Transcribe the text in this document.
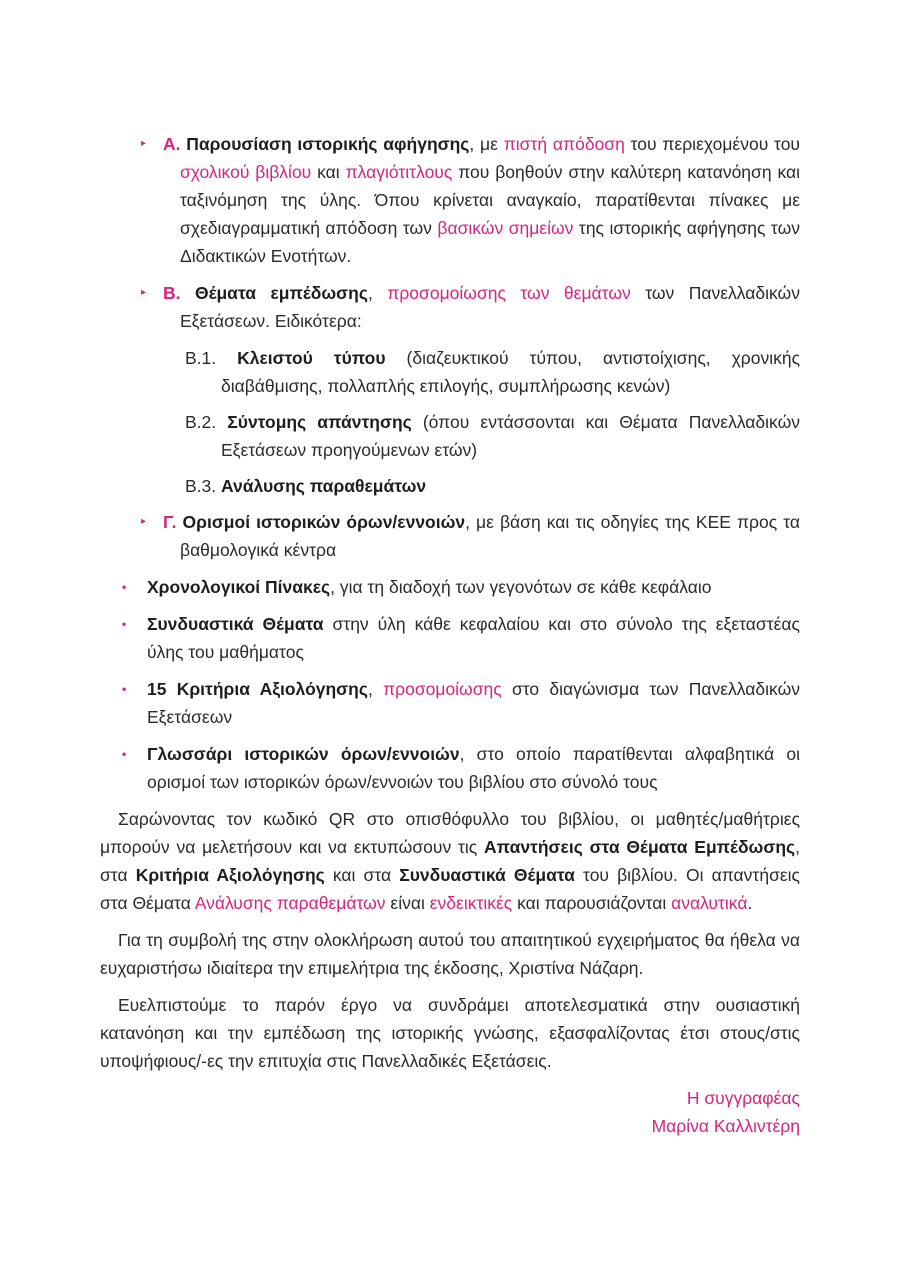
▸ Α. Παρουσίαση ιστορικής αφήγησης, με πιστή απόδοση του περιεχομένου του σχολικού βιβλίου και πλαγιότιτλους που βοηθούν στην καλύτερη κατανόηση και ταξινόμηση της ύλης. Όπου κρίνεται αναγκαίο, παρατίθενται πίνακες με σχεδιαγραμματική απόδοση των βασικών σημείων της ιστορικής αφήγησης των Διδακτικών Ενοτήτων.
▸ Β. Θέματα εμπέδωσης, προσομοίωσης των θεμάτων των Πανελλαδικών Εξετάσεων. Ειδικότερα:
Β.1. Κλειστού τύπου (διαζευκτικού τύπου, αντιστοίχισης, χρονικής διαβάθμισης, πολλαπλής επιλογής, συμπλήρωσης κενών)
Β.2. Σύντομης απάντησης (όπου εντάσσονται και Θέματα Πανελλαδικών Εξετάσεων προηγούμενων ετών)
Β.3. Ανάλυσης παραθεμάτων
▸ Γ. Ορισμοί ιστορικών όρων/εννοιών, με βάση και τις οδηγίες της ΚΕΕ προς τα βαθμολογικά κέντρα
• Χρονολογικοί Πίνακες, για τη διαδοχή των γεγονότων σε κάθε κεφάλαιο
• Συνδυαστικά Θέματα στην ύλη κάθε κεφαλαίου και στο σύνολο της εξεταστέας ύλης του μαθήματος
• 15 Κριτήρια Αξιολόγησης, προσομοίωσης στο διαγώνισμα των Πανελλαδικών Εξετάσεων
• Γλωσσάρι ιστορικών όρων/εννοιών, στο οποίο παρατίθενται αλφαβητικά οι ορισμοί των ιστορικών όρων/εννοιών του βιβλίου στο σύνολό τους

Σαρώνοντας τον κωδικό QR στο οπισθόφυλλο του βιβλίου, οι μαθητές/μαθήτριες μπορούν να μελετήσουν και να εκτυπώσουν τις Απαντήσεις στα Θέματα Εμπέδωσης, στα Κριτήρια Αξιολόγησης και στα Συνδυαστικά Θέματα του βιβλίου. Οι απαντήσεις στα Θέματα Ανάλυσης παραθεμάτων είναι ενδεικτικές και παρουσιάζονται αναλυτικά.

Για τη συμβολή της στην ολοκλήρωση αυτού του απαιτητικού εγχειρήματος θα ήθελα να ευχαριστήσω ιδιαίτερα την επιμελήτρια της έκδοσης, Χριστίνα Νάζαρη.

Ευελπιστούμε το παρόν έργο να συνδράμει αποτελεσματικά στην ουσιαστική κατανόηση και την εμπέδωση της ιστορικής γνώσης, εξασφαλίζοντας έτσι στους/στις υποψήφιους/-ες την επιτυχία στις Πανελλαδικές Εξετάσεις.

Η συγγραφέας

Μαρίνα Καλλιντέρη
